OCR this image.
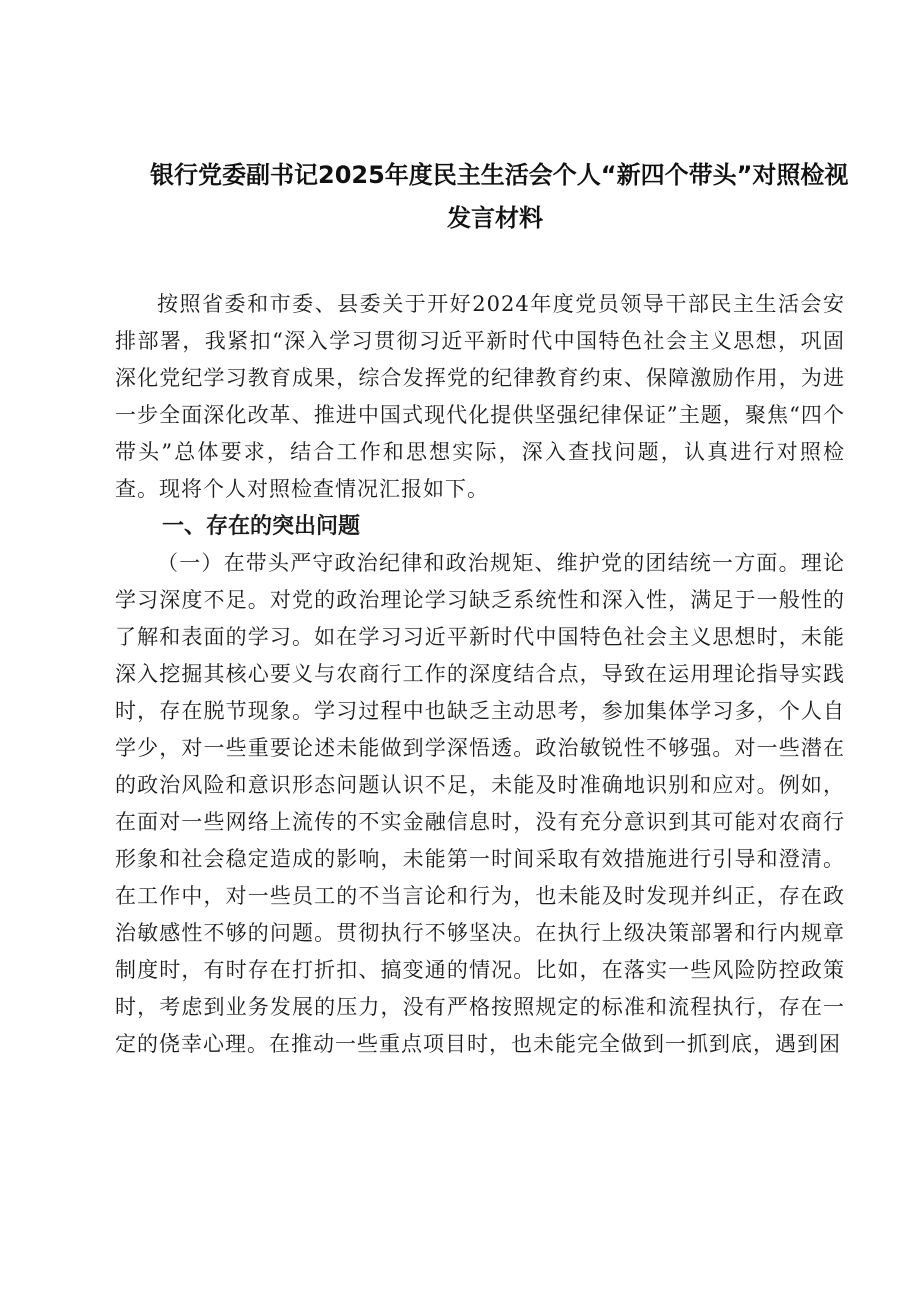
银行党委副书记2025年度民主生活会个人“新四个带头”对照检视
发言材料

按照省委和市委、县委关于开好2024年度党员领导干部民主生活会安排部署，我紧扣“深入学习贯彻习近平新时代中国特色社会主义思想，巩固深化党纪学习教育成果，综合发挥党的纪律教育约束、保障激励作用，为进一步全面深化改革、推进中国式现代化提供坚强纪律保证”主题，聚焦“四个带头”总体要求，结合工作和思想实际，深入查找问题，认真进行对照检查。现将个人对照检查情况汇报如下。

一、存在的突出问题

（一）在带头严守政治纪律和政治规矩、维护党的团结统一方面。理论学习深度不足。对党的政治理论学习缺乏系统性和深入性，满足于一般性的了解和表面的学习。如在学习习近平新时代中国特色社会主义思想时，未能深入挖掘其核心要义与农商行工作的深度结合点，导致在运用理论指导实践时，存在脱节现象。学习过程中也缺乏主动思考，参加集体学习多，个人自学少，对一些重要论述未能做到学深悟透。政治敏锐性不够强。对一些潜在的政治风险和意识形态问题认识不足，未能及时准确地识别和应对。例如，在面对一些网络上流传的不实金融信息时，没有充分意识到其可能对农商行形象和社会稳定造成的影响，未能第一时间采取有效措施进行引导和澄清。在工作中，对一些员工的不当言论和行为，也未能及时发现并纠正，存在政治敏感性不够的问题。贯彻执行不够坚决。在执行上级决策部署和行内规章制度时，有时存在打折扣、搞变通的情况。比如，在落实一些风险防控政策时，考虑到业务发展的压力，没有严格按照规定的标准和流程执行，存在一定的侥幸心理。在推动一些重点项目时，也未能完全做到一抓到底，遇到困
